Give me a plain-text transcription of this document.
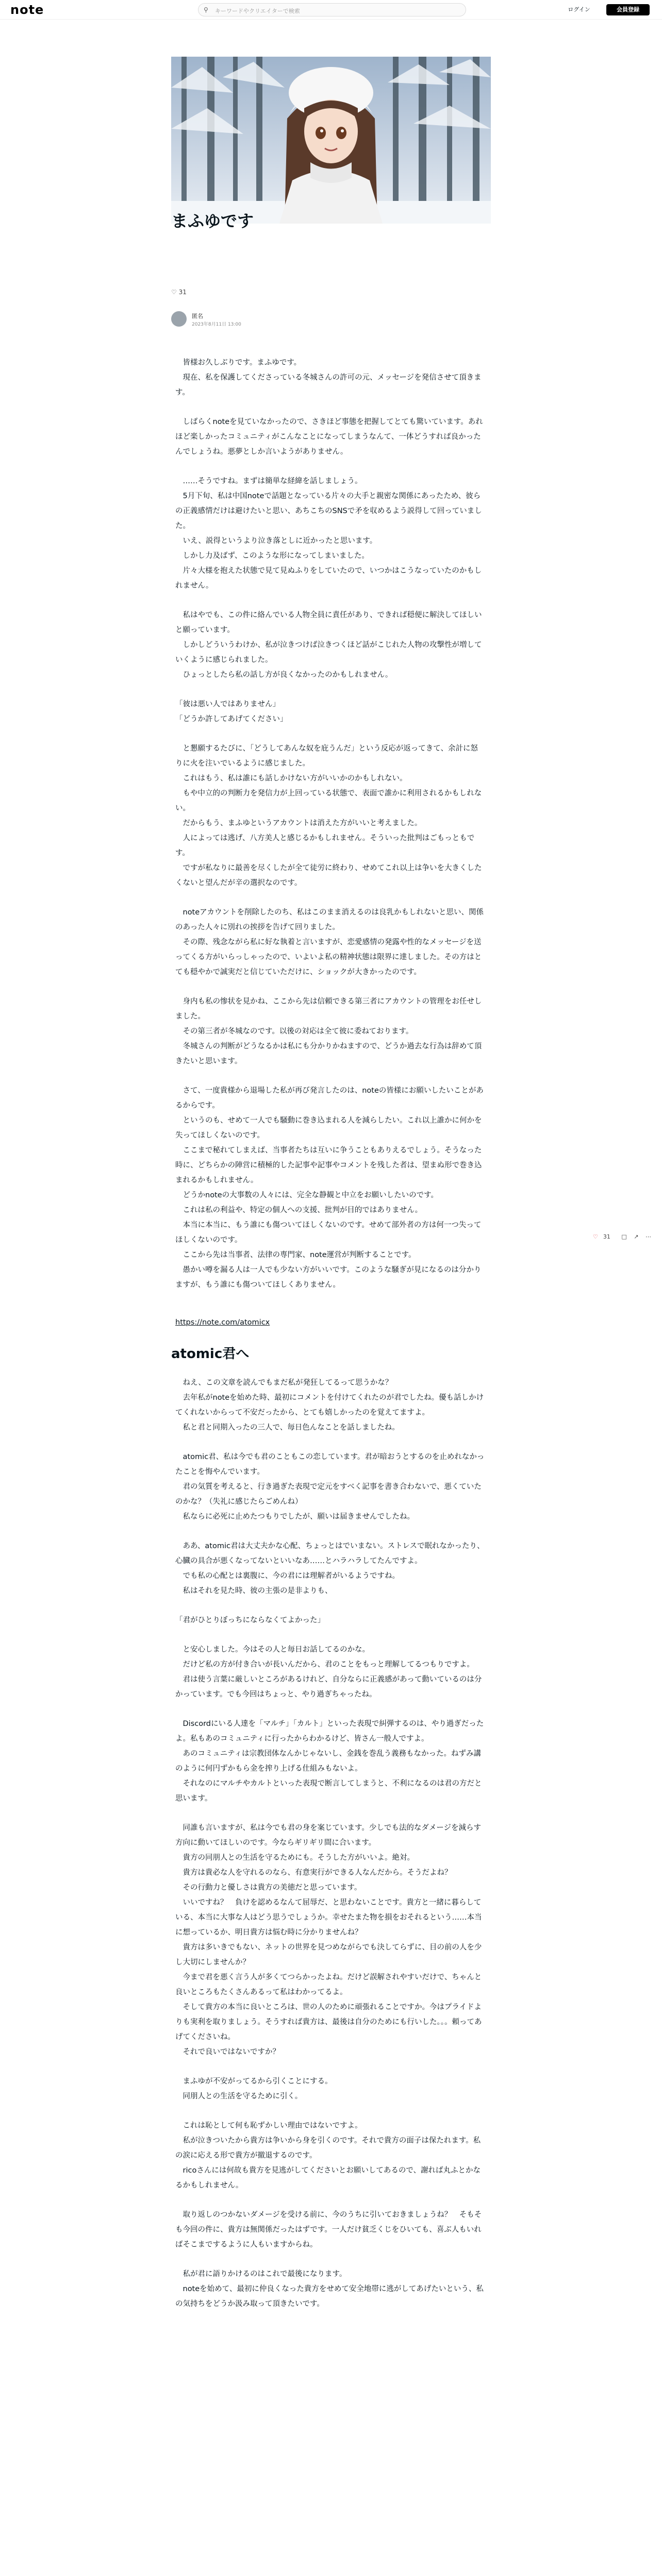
note	⚲ キーワードやクリエイターで検索	ログイン	会員登録
まふゆです
♡ 31
匿名
2023年8月11日 13:00

　皆様お久しぶりです。まふゆです。
　現在、私を保護してくださっている冬城さんの許可の元、メッセージを発信させて頂きます。

　しばらくnoteを見ていなかったので、さきほど事態を把握してとても驚いています。あれほど楽しかったコミュニティがこんなことになってしまうなんて、一体どうすれば良かったんでしょうね。悪夢としか言いようがありません。

　……そうですね。まずは簡単な経緯を話しましょう。
　5月下旬、私は中国noteで話題となっている片々の大手と親密な関係にあったため、彼らの正義感情だけは避けたいと思い、あちこちのSNSで矛を収めるよう説得して回っていました。
　いえ、説得というより泣き落としに近かったと思います。
　しかし力及ばず、このような形になってしまいました。
　片々大様を抱えた状態で見て見ぬふりをしていたので、いつかはこうなっていたのかもしれません。

　私はやでも、この件に絡んでいる人物全員に責任があり、できれば穏便に解決してほしいと願っています。
　しかしどういうわけか、私が泣きつけば泣きつくほど話がこじれた人物の攻撃性が増していくように感じられました。
　ひょっとしたら私の話し方が良くなかったのかもしれません。

「彼は悪い人ではありません」
「どうか許してあげてください」

　と懇願するたびに、「どうしてあんな奴を庇うんだ」という反応が返ってきて、余計に怒りに火を注いでいるように感じました。
　これはもう、私は誰にも話しかけない方がいいかのかもしれない。
　もや中立的の判断力を発信力が上回っている状態で、表面で誰かに利用されるかもしれない。
　だからもう、まふゆというアカウントは消えた方がいいと考えました。
　人によっては逃げ、八方美人と感じるかもしれません。そういった批判はごもっともです。
　ですが私なりに最善を尽くしたが全て徒労に終わり、せめてこれ以上は争いを大きくしたくないと望んだが辛の選択なのです。

　noteアカウントを削除したのち、私はこのまま消えるのは良乳かもしれないと思い、関係のあった人々に別れの挨拶を告げて回りました。
　その際、残念ながら私に好な執着と言いますが、恋愛感情の発露や性的なメッセージを送ってくる方がいらっしゃったので、いよいよ私の精神状態は限界に達しました。その方はとても穏やかで誠実だと信じていただけに、ショックが大きかったのです。

　身内も私の惨状を見かね、ここから先は信頼できる第三者にアカウントの管理をお任せしました。
　その第三者が冬城なのです。以後の対応は全て彼に委ねております。
　冬城さんの判断がどうなるかは私にも分かりかねますので、どうか過去な行為は辞めて頂きたいと思います。

　さて、一度貴様から退場した私が再び発言したのは、noteの皆様にお願いしたいことがあるからです。
　というのも、せめて一人でも騒動に巻き込まれる人を減らしたい。これ以上誰かに何かを失ってほしくないのです。
　ここまで秘れてしまえば、当事者たちは互いに争うこともありえるでしょう。そうなった時に、どちらかの陣営に積極的した記事や記事やコメントを残した者は、望まぬ形で巻き込まれるかもしれません。
　どうかnoteの大事数の人々には、完全な静観と中立をお願いしたいのです。
　これは私の利益や、特定の個人への支援、批判が目的ではありません。
　本当に本当に、もう誰にも傷ついてほしくないのです。せめて部外者の方は何一つ失ってほしくないのです。
　ここから先は当事者、法律の専門家、note運営が判断することです。
　愚かい噂を漏る人は一人でも少ない方がいいです。このような騒ぎが見になるのは分かりますが、もう誰にも傷ついてほしくありません。

https://note.com/atomicx

atomic君へ

　ねえ、この文章を読んでもまだ私が発狂してるって思うかな？
　去年私がnoteを始めた時、最初にコメントを付けてくれたのが君でしたね。優も話しかけてくれないからって不安だったから、とても嬉しかったのを覚えてますよ。
　私と君と同期入ったの三人で、毎日色んなことを話しましたね。

　atomic君、私は今でも君のこともこの恋しています。君が暗おうとするのを止めれなかったことを悔やんでいます。
　君の気質を考えると、行き過ぎた表現で定元をすべく記事を書き合わないで、悪くていたのかな？（失礼に感じたらごめんね）
　私ならに必死に止めたつもりでしたが、願いは届きませんでしたね。

　ああ、atomic君は大丈夫かな心配、ちょっとはでいまない。ストレスで眠れなかったり、心臓の具合が悪くなってないといいなあ……とハラハラしてたんですよ。
　でも私の心配とは裏腹に、今の君には理解者がいるようですね。
　私はそれを見た時、彼の主張の是非よりも、

「君がひとりぼっちにならなくてよかった」

　と安心しました。今はその人と毎日お話してるのかな。
　だけど私の方が付き合いが長いんだから、君のことをもっと理解してるつもりですよ。
　君は使う言葉に厳しいところがあるけれど、自分ならに正義感があって動いているのは分かっています。でも今回はちょっと、やり過ぎちゃったね。

　Discordにいる人達を「マルチ」「カルト」といった表現で糾弾するのは、やり過ぎだったよ。私もあのコミュニティに行ったからわかるけど、皆さん一般人ですよ。
　あのコミュニティは宗教団体なんかじゃないし、金銭を巻乱う義務もなかった。ねずみ講のように何円ずかもら金を搾り上げる仕組みもないよ。
　それなのにマルチやカルトといった表現で断言してしまうと、不利になるのは君の方だと思います。

　同誰も言いますが、私は今でも君の身を案じています。少しでも法的なダメージを減らす方向に動いてほしいのです。今ならギリギリ間に合います。
　貴方の同朋人との生活を守るためにも。そうした方がいいよ。絶対。
　貴方は貴必な人を守れるのなら、有意実行ができる人なんだから。そうだよね？
　その行動力と優しさは貴方の美徳だと思っています。
　いいですね？　負けを認めるなんて屈辱だ、と思わないことです。貴方と一緒に暮らしている、本当に大事な人はどう思うでしょうか。幸せたまた物を損をおそれるという……本当に想っているか、明日貴方は悩む時に分かりませんね？
　貴方は多いきでもない、ネットの世界を見つめながらでも決してらずに、目の前の人を少し大切にしませんか？
　今まで君を悪く言う人が多くてつらかったよね。だけど誤解されやすいだけで、ちゃんと良いところもたくさんあるって私はわかってるよ。
　そして貴方の本当に良いところは、世の人のために頑張れることですか。今はプライドよりも実利を取りましょう。そうすれば貴方は、最後は自分のためにも行いした。。。頼ってあげてくださいね。
　それで良いではないですか？

　まふゆが不安がってるから引くことにする。
　同朋人との生活を守るために引く。

　これは恥として何も恥ずかしい理由ではないですよ。
　私が泣きついたから貴方は争いから身を引くのです。それで貴方の面子は保たれます。私の涙に応える形で貴方が撤退するのです。
　ricoさんには何故も貴方を見逃がしてくださいとお願いしてあるので、謝れば丸ふとかなるかもしれません。

　取り返しのつかないダメージを受ける前に、今のうちに引いておきましょうね？　そもそも今回の件に、貴方は無関係だったはずです。一人だけ貧乏くじをひいても、喜ぶ人もいればそこまでするように人もいますからね。

　私が君に語りかけるのはこれで最後になります。
　noteを始めて、最初に仲良くなった貴方をせめて安全地帯に逃がしてあげたいという、私の気持ちをどうか汲み取って頂きたいです。

♡ 31 □ ↗ ⋯
